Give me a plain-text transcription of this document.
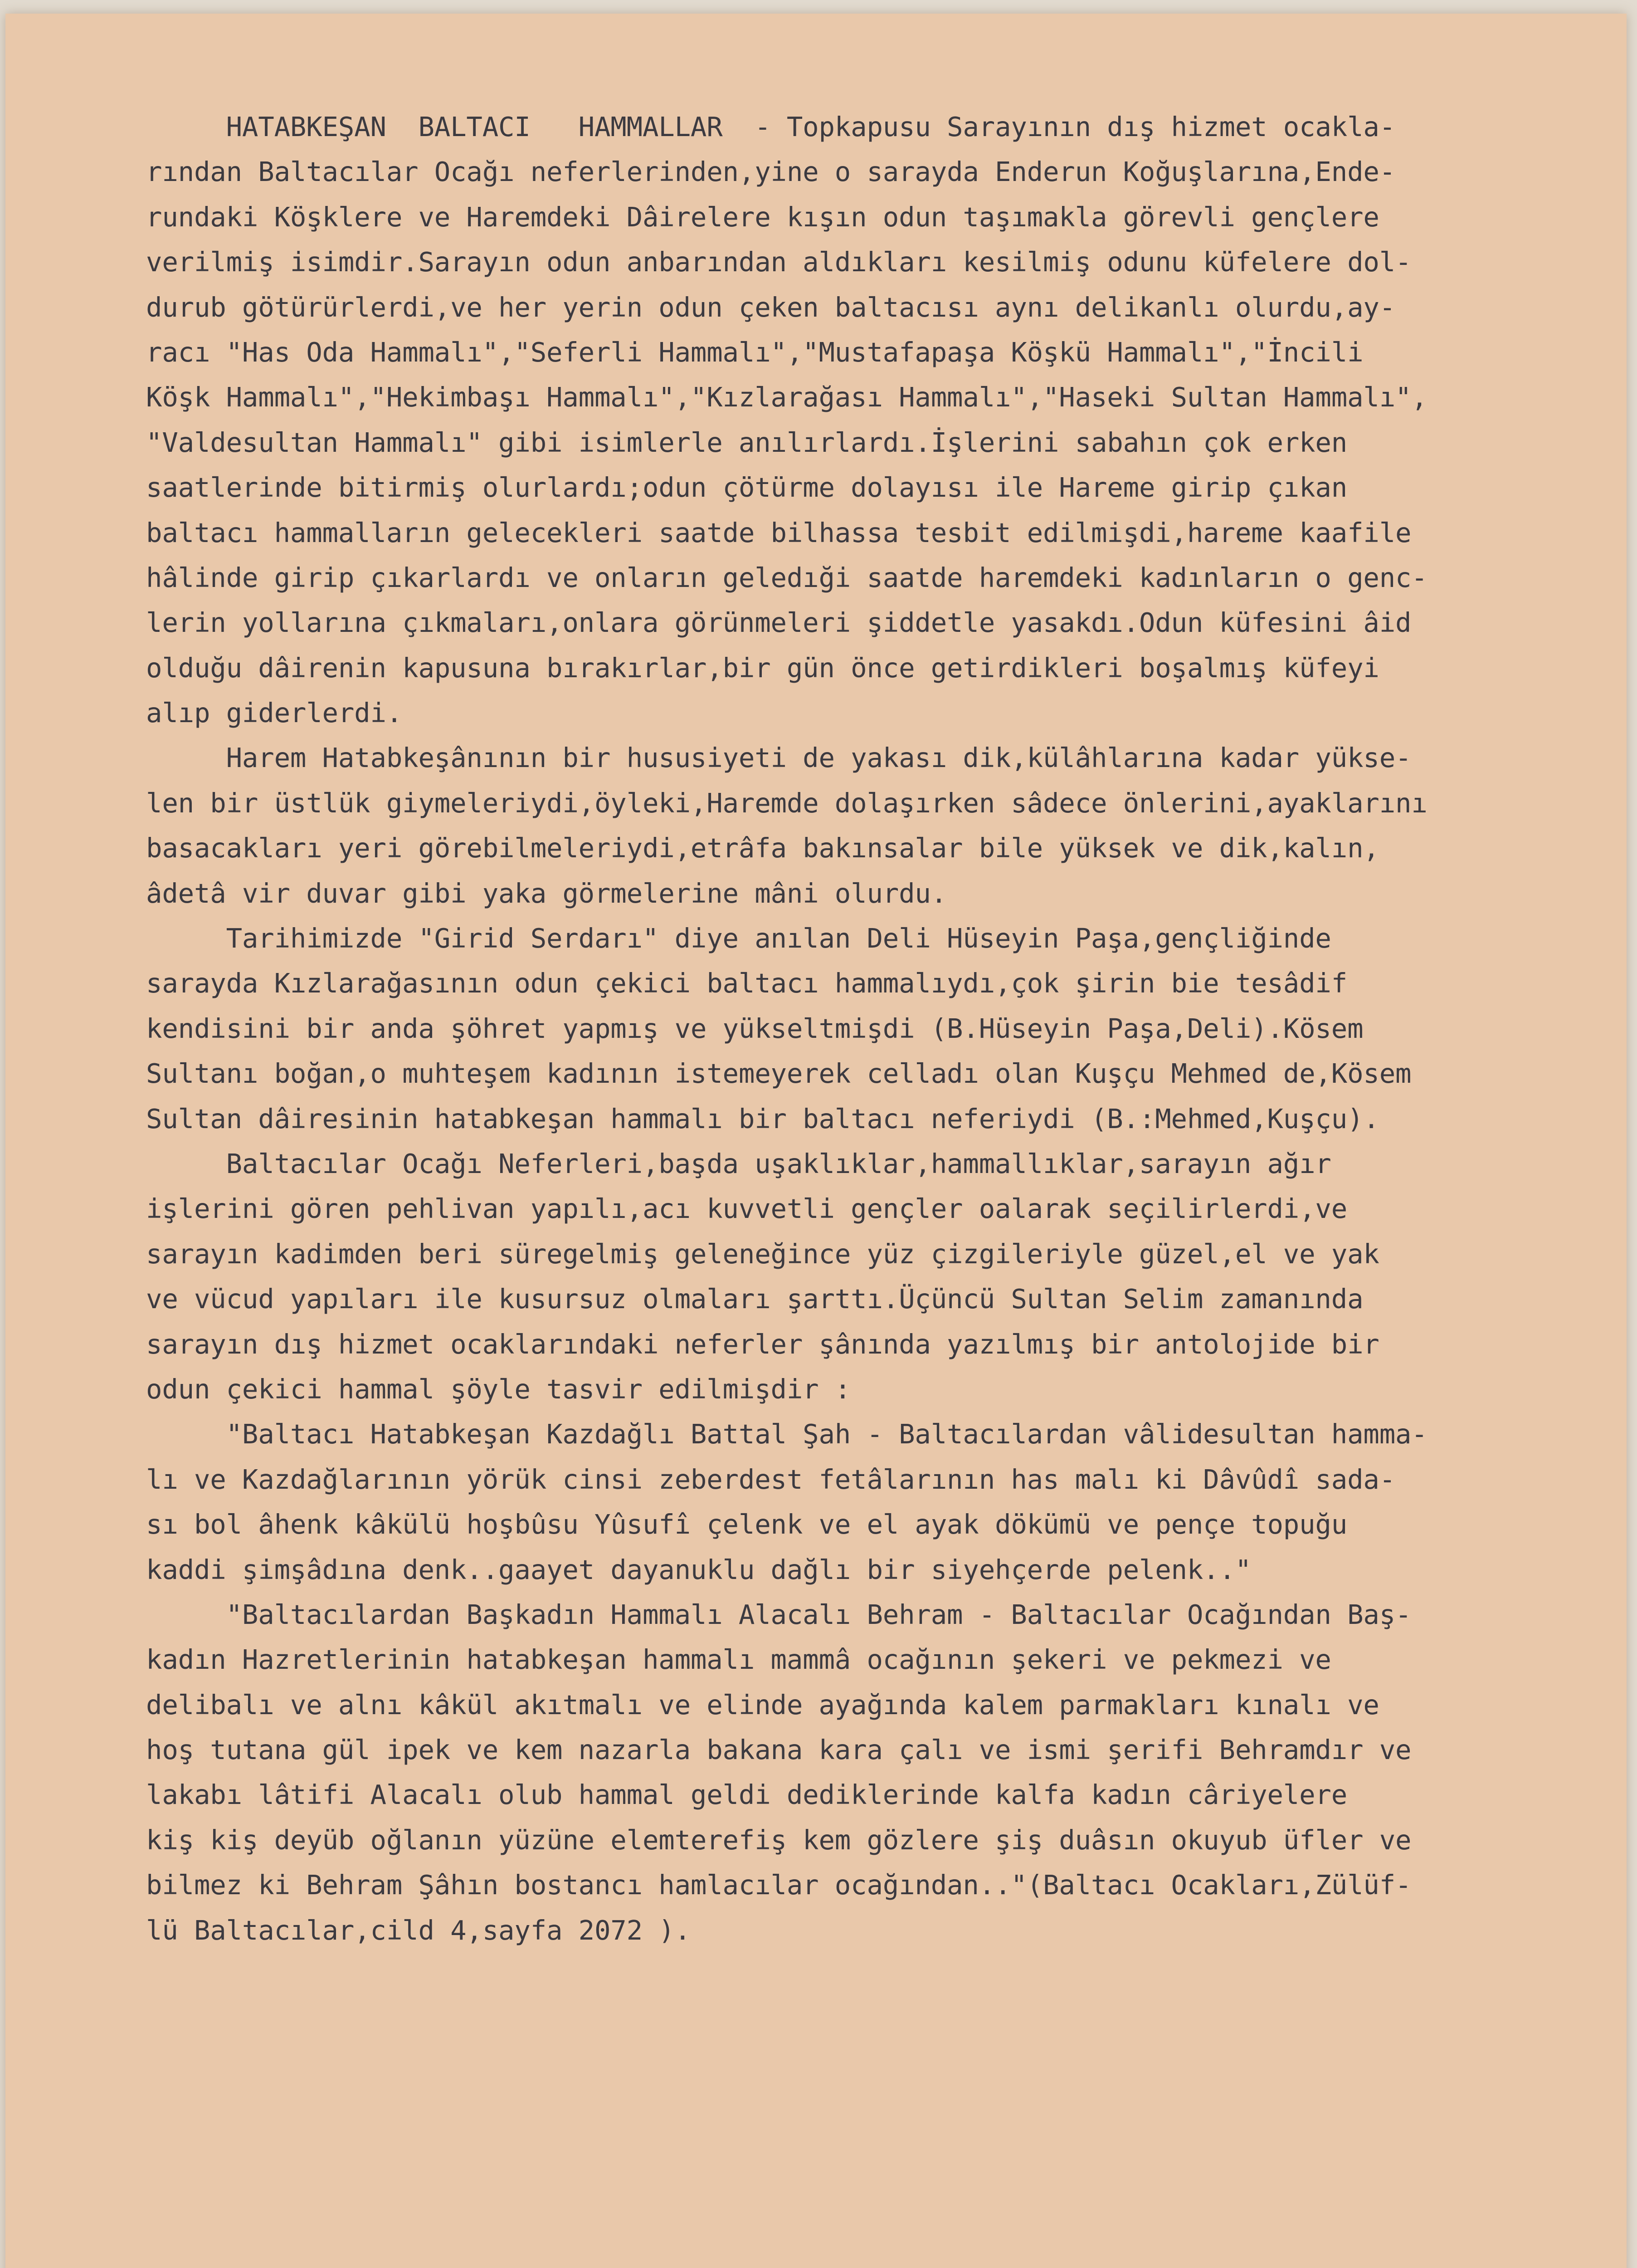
HATABKEŞAN  BALTACI   HAMMALLAR  - Topkapusu Sarayının dış hizmet ocakla-
rından Baltacılar Ocağı neferlerinden,yine o sarayda Enderun Koğuşlarına,Ende-
rundaki Köşklere ve Haremdeki Dâirelere kışın odun taşımakla görevli gençlere
verilmiş isimdir.Sarayın odun anbarından aldıkları kesilmiş odunu küfelere dol-
durub götürürlerdi,ve her yerin odun çeken baltacısı aynı delikanlı olurdu,ay-
racı "Has Oda Hammalı","Seferli Hammalı","Mustafapaşa Köşkü Hammalı","İncili
Köşk Hammalı","Hekimbaşı Hammalı","Kızlarağası Hammalı","Haseki Sultan Hammalı",
"Valdesultan Hammalı" gibi isimlerle anılırlardı.İşlerini sabahın çok erken
saatlerinde bitirmiş olurlardı;odun çötürme dolayısı ile Hareme girip çıkan
baltacı hammalların gelecekleri saatde bilhassa tesbit edilmişdi,hareme kaafile
hâlinde girip çıkarlardı ve onların geledıği saatde haremdeki kadınların o genc-
lerin yollarına çıkmaları,onlara görünmeleri şiddetle yasakdı.Odun küfesini âid
olduğu dâirenin kapusuna bırakırlar,bir gün önce getirdikleri boşalmış küfeyi
alıp giderlerdi.
Harem Hatabkeşânının bir hususiyeti de yakası dik,külâhlarına kadar yükse-
len bir üstlük giymeleriydi,öyleki,Haremde dolaşırken sâdece önlerini,ayaklarını
basacakları yeri görebilmeleriydi,etrâfa bakınsalar bile yüksek ve dik,kalın,
âdetâ vir duvar gibi yaka görmelerine mâni olurdu.
Tarihimizde "Girid Serdarı" diye anılan Deli Hüseyin Paşa,gençliğinde
sarayda Kızlarağasının odun çekici baltacı hammalıydı,çok şirin bie tesâdif
kendisini bir anda şöhret yapmış ve yükseltmişdi (B.Hüseyin Paşa,Deli).Kösem
Sultanı boğan,o muhteşem kadının istemeyerek celladı olan Kuşçu Mehmed de,Kösem
Sultan dâiresinin hatabkeşan hammalı bir baltacı neferiydi (B.:Mehmed,Kuşçu).
Baltacılar Ocağı Neferleri,başda uşaklıklar,hammallıklar,sarayın ağır
işlerini gören pehlivan yapılı,acı kuvvetli gençler oalarak seçilirlerdi,ve
sarayın kadimden beri süregelmiş geleneğince yüz çizgileriyle güzel,el ve yak
ve vücud yapıları ile kusursuz olmaları şarttı.Üçüncü Sultan Selim zamanında
sarayın dış hizmet ocaklarındaki neferler şânında yazılmış bir antolojide bir
odun çekici hammal şöyle tasvir edilmişdir :
"Baltacı Hatabkeşan Kazdağlı Battal Şah - Baltacılardan vâlidesultan hamma-
lı ve Kazdağlarının yörük cinsi zeberdest fetâlarının has malı ki Dâvûdî sada-
sı bol âhenk kâkülü hoşbûsu Yûsufî çelenk ve el ayak dökümü ve pençe topuğu
kaddi şimşâdına denk..gaayet dayanuklu dağlı bir siyehçerde pelenk.."
"Baltacılardan Başkadın Hammalı Alacalı Behram - Baltacılar Ocağından Baş-
kadın Hazretlerinin hatabkeşan hammalı mammâ ocağının şekeri ve pekmezi ve
delibalı ve alnı kâkül akıtmalı ve elinde ayağında kalem parmakları kınalı ve
hoş tutana gül ipek ve kem nazarla bakana kara çalı ve ismi şerifi Behramdır ve
lakabı lâtifi Alacalı olub hammal geldi dediklerinde kalfa kadın câriyelere
kiş kiş deyüb oğlanın yüzüne elemterefiş kem gözlere şiş duâsın okuyub üfler ve
bilmez ki Behram Şâhın bostancı hamlacılar ocağından.."(Baltacı Ocakları,Zülüf-
lü Baltacılar,cild 4,sayfa 2072 ).
